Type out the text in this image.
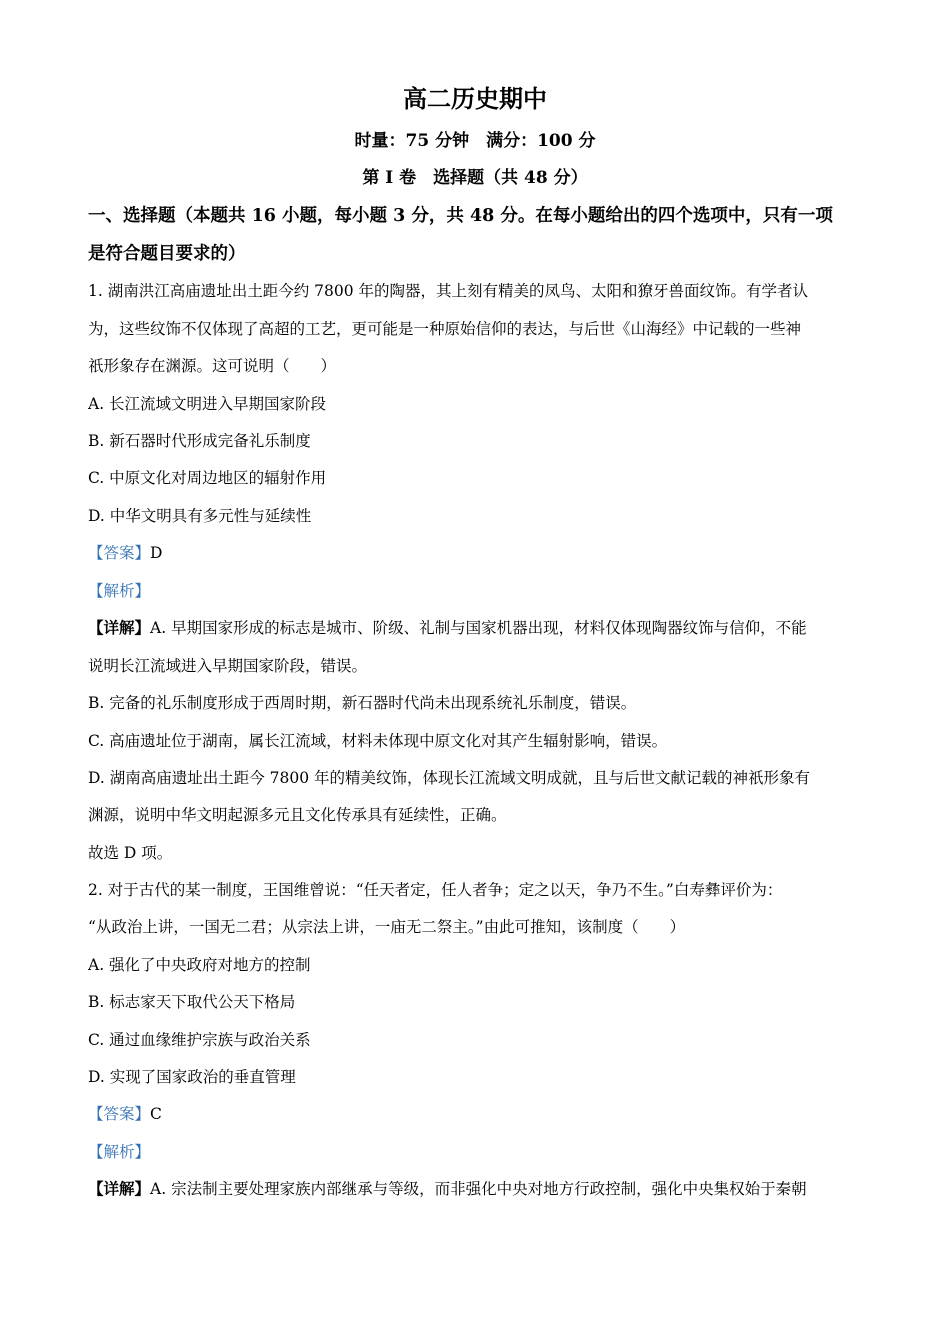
高二历史期中
时量：75 分钟　满分：100 分
第 I 卷　选择题（共 48 分）
一、选择题（本题共 16 小题，每小题 3 分，共 48 分。在每小题给出的四个选项中，只有一项
是符合题目要求的）
1. 湖南洪江高庙遗址出土距今约 7800 年的陶器，其上刻有精美的凤鸟、太阳和獠牙兽面纹饰。有学者认
为，这些纹饰不仅体现了高超的工艺，更可能是一种原始信仰的表达，与后世《山海经》中记载的一些神
祇形象存在渊源。这可说明（　　）
A. 长江流域文明进入早期国家阶段
B. 新石器时代形成完备礼乐制度
C. 中原文化对周边地区的辐射作用
D. 中华文明具有多元性与延续性
【答案】D
【解析】
【详解】A. 早期国家形成的标志是城市、阶级、礼制与国家机器出现，材料仅体现陶器纹饰与信仰，不能
说明长江流域进入早期国家阶段，错误。
B. 完备的礼乐制度形成于西周时期，新石器时代尚未出现系统礼乐制度，错误。
C. 高庙遗址位于湖南，属长江流域，材料未体现中原文化对其产生辐射影响，错误。
D. 湖南高庙遗址出土距今 7800 年的精美纹饰，体现长江流域文明成就，且与后世文献记载的神祇形象有
渊源，说明中华文明起源多元且文化传承具有延续性，正确。
故选 D 项。
2. 对于古代的某一制度，王国维曾说：“任天者定，任人者争；定之以天，争乃不生。”白寿彝评价为：
“从政治上讲，一国无二君；从宗法上讲，一庙无二祭主。”由此可推知，该制度（　　）
A. 强化了中央政府对地方的控制
B. 标志家天下取代公天下格局
C. 通过血缘维护宗族与政治关系
D. 实现了国家政治的垂直管理
【答案】C
【解析】
【详解】A. 宗法制主要处理家族内部继承与等级，而非强化中央对地方行政控制，强化中央集权始于秦朝
